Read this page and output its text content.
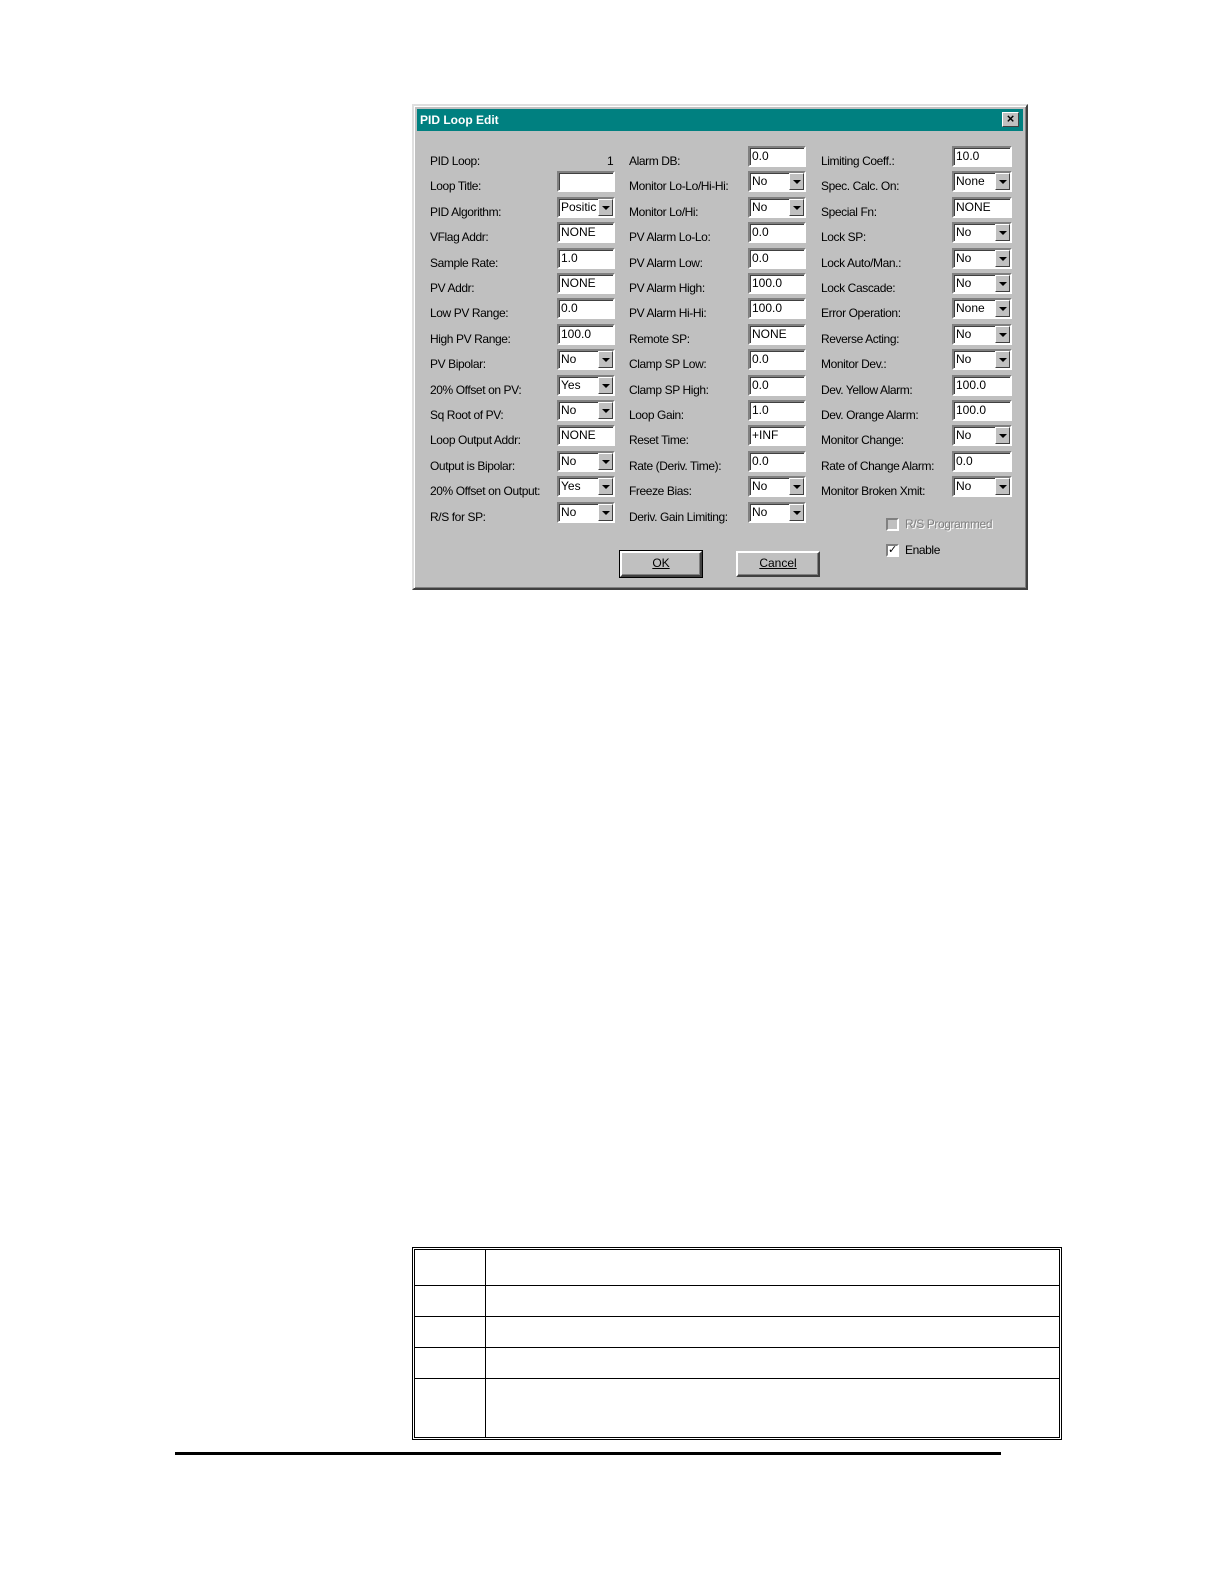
PID Loop Edit	×
PID Loop:	1
Loop Title:
PID Algorithm:	Positic
VFlag Addr:	NONE
Sample Rate:	1.0
PV Addr:	NONE
Low PV Range:	0.0
High PV Range:	100.0
PV Bipolar:	No
20% Offset on PV:	Yes
Sq Root of PV:	No
Loop Output Addr:	NONE
Output is Bipolar:	No
20% Offset on Output:	Yes
R/S for SP:	No
Alarm DB:	0.0
Monitor Lo-Lo/Hi-Hi:	No
Monitor Lo/Hi:	No
PV Alarm Lo-Lo:	0.0
PV Alarm Low:	0.0
PV Alarm High:	100.0
PV Alarm Hi-Hi:	100.0
Remote SP:	NONE
Clamp SP Low:	0.0
Clamp SP High:	0.0
Loop Gain:	1.0
Reset Time:	+INF
Rate (Deriv. Time):	0.0
Freeze Bias:	No
Deriv. Gain Limiting:	No
Limiting Coeff.:	10.0
Spec. Calc. On:	None
Special Fn:	NONE
Lock SP:	No
Lock Auto/Man.:	No
Lock Cascade:	No
Error Operation:	None
Reverse Acting:	No
Monitor Dev.:	No
Dev. Yellow Alarm:	100.0
Dev. Orange Alarm:	100.0
Monitor Change:	No
Rate of Change Alarm:	0.0
Monitor Broken Xmit:	No
R/S Programmed
✓ Enable
OK	Cancel
